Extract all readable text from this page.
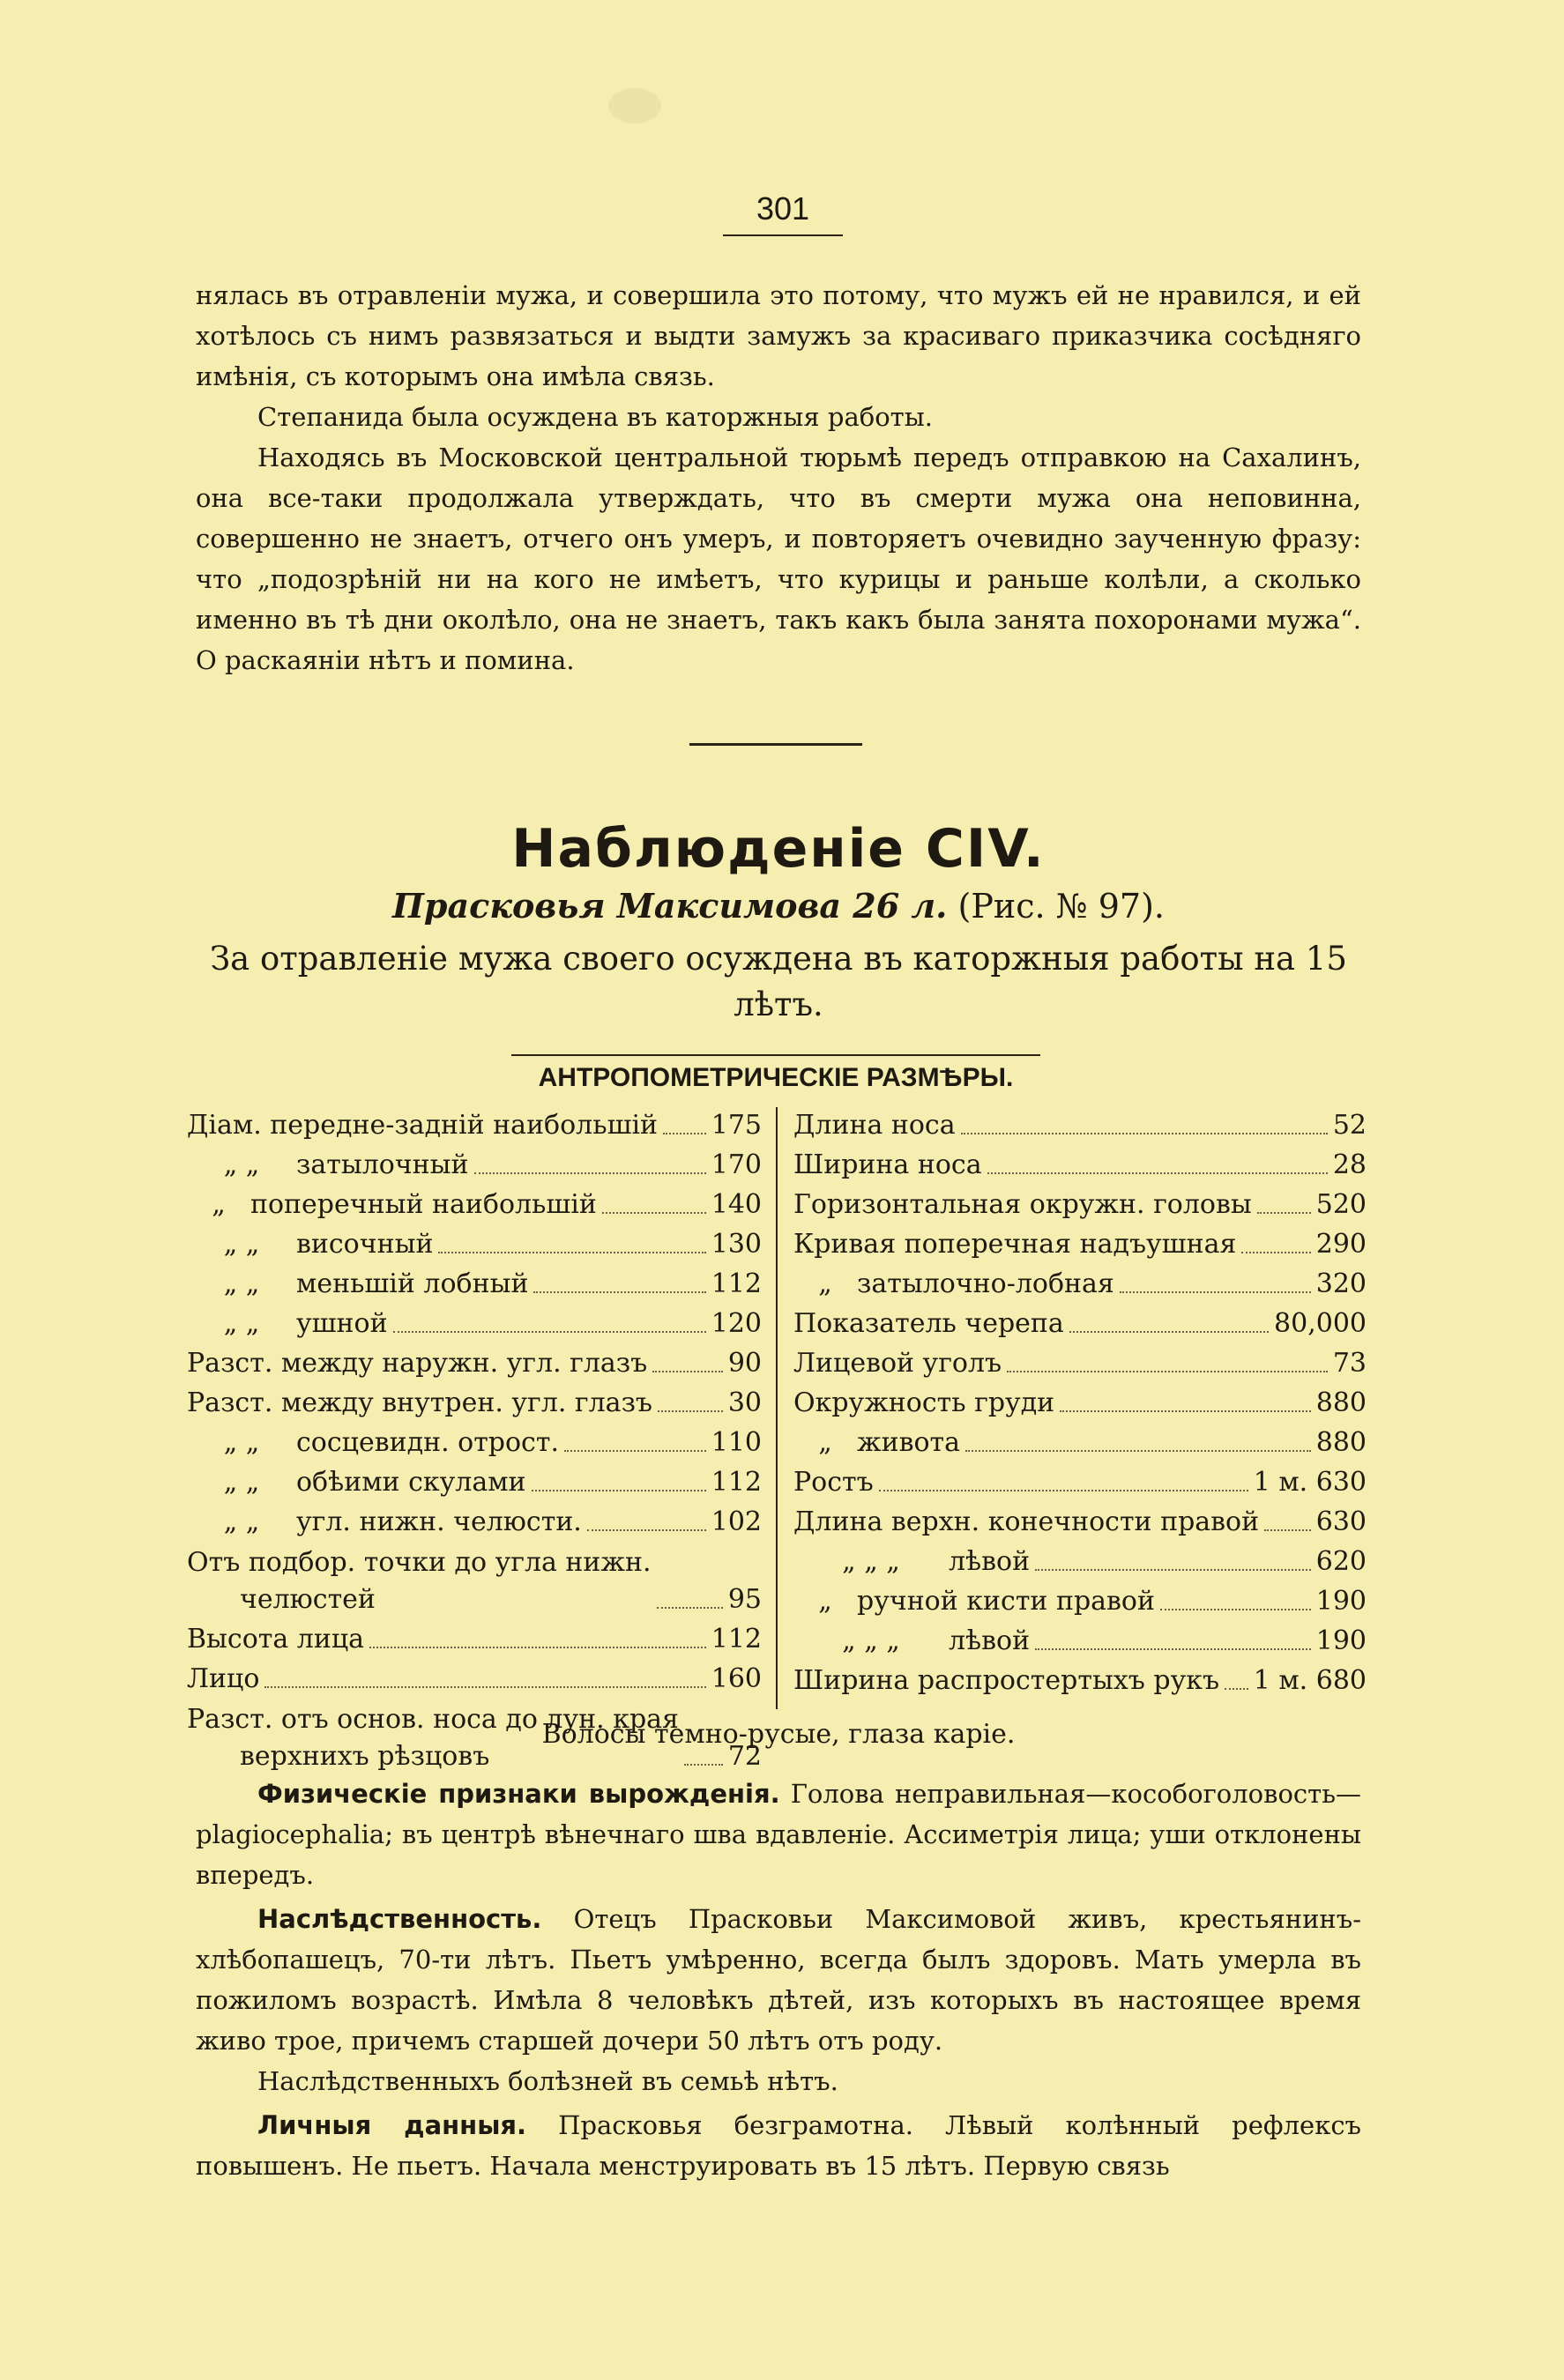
301

нялась въ отравленіи мужа, и совершила это потому, что мужъ ей не нравился, и ей хотѣлось съ нимъ развязаться и выдти замужъ за красиваго приказчика сосѣдняго имѣнія, съ которымъ она имѣла связь.

Степанида была осуждена въ каторжныя работы.

Находясь въ Московской центральной тюрьмѣ передъ отправкою на Сахалинъ, она все-таки продолжала утверждать, что въ смерти мужа она неповинна, совершенно не знаетъ, отчего онъ умеръ, и повторяетъ очевидно заученную фразу: что „подозрѣній ни на кого не имѣетъ, что курицы и раньше колѣли, а сколько именно въ тѣ дни околѣло, она не знаетъ, такъ какъ была занята похоронами мужа“. О раскаяніи нѣтъ и помина.

Наблюденіе CIV.
Прасковья Максимова 26 л. (Рис. № 97).
За отравленіе мужа своего осуждена въ каторжныя работы на 15 лѣтъ.
АНТРОПОМЕТРИЧЕСКІЕ РАЗМѢРЫ.
Діам. передне-задній наибольшій 175
„ „ затылочный	170
„ поперечный наибольшій	140
„ „ височный	130
„ „ меньшій лобный	112
„ „ ушной	120
Разст. между наружн. угл. глазъ	90
Разст. между внутрен. угл. глазъ	30
„ „ сосцевидн. отрост.	110
„ „ обѣими скулами	112
„ „ угл. нижн. челюсти.	102
Отъ подбор. точки до угла нижн.
челюстей	95
Высота лица	112
Лицо	160
Разст. отъ основ. носа до лун. края
верхнихъ рѣзцовъ	72
Длина носа	52
Ширина носа	28
Горизонтальная окружн. головы 520
Кривая поперечная надъушная	290
„ затылочно-лобная	320
Показатель черепа	80,000
Лицевой уголъ	73
Окружность груди	880
„ живота	880
Ростъ	1 м. 630
Длина верхн. конечности правой 630
„ „ „ лѣвой	620
„ ручной кисти правой	190
„ „ „ лѣвой	190
Ширина распростертыхъ рукъ 1 м. 680
Волосы темно-русые, глаза каріе.

Физическіе признаки вырожденія. Голова неправильная—кособоголовость—plagiocephalia; въ центрѣ вѣнечнаго шва вдавленіе. Ассиметрія лица; уши отклонены впередъ.

Наслѣдственность. Отецъ Прасковьи Максимовой живъ, крестьянинъ-хлѣбопашецъ, 70-ти лѣтъ. Пьетъ умѣренно, всегда былъ здоровъ. Мать умерла въ пожиломъ возрастѣ. Имѣла 8 человѣкъ дѣтей, изъ которыхъ въ настоящее время живо трое, причемъ старшей дочери 50 лѣтъ отъ роду.

Наслѣдственныхъ болѣзней въ семьѣ нѣтъ.

Личныя данныя. Прасковья безграмотна. Лѣвый колѣнный рефлексъ повышенъ. Не пьетъ. Начала менструировать въ 15 лѣтъ. Первую связь
